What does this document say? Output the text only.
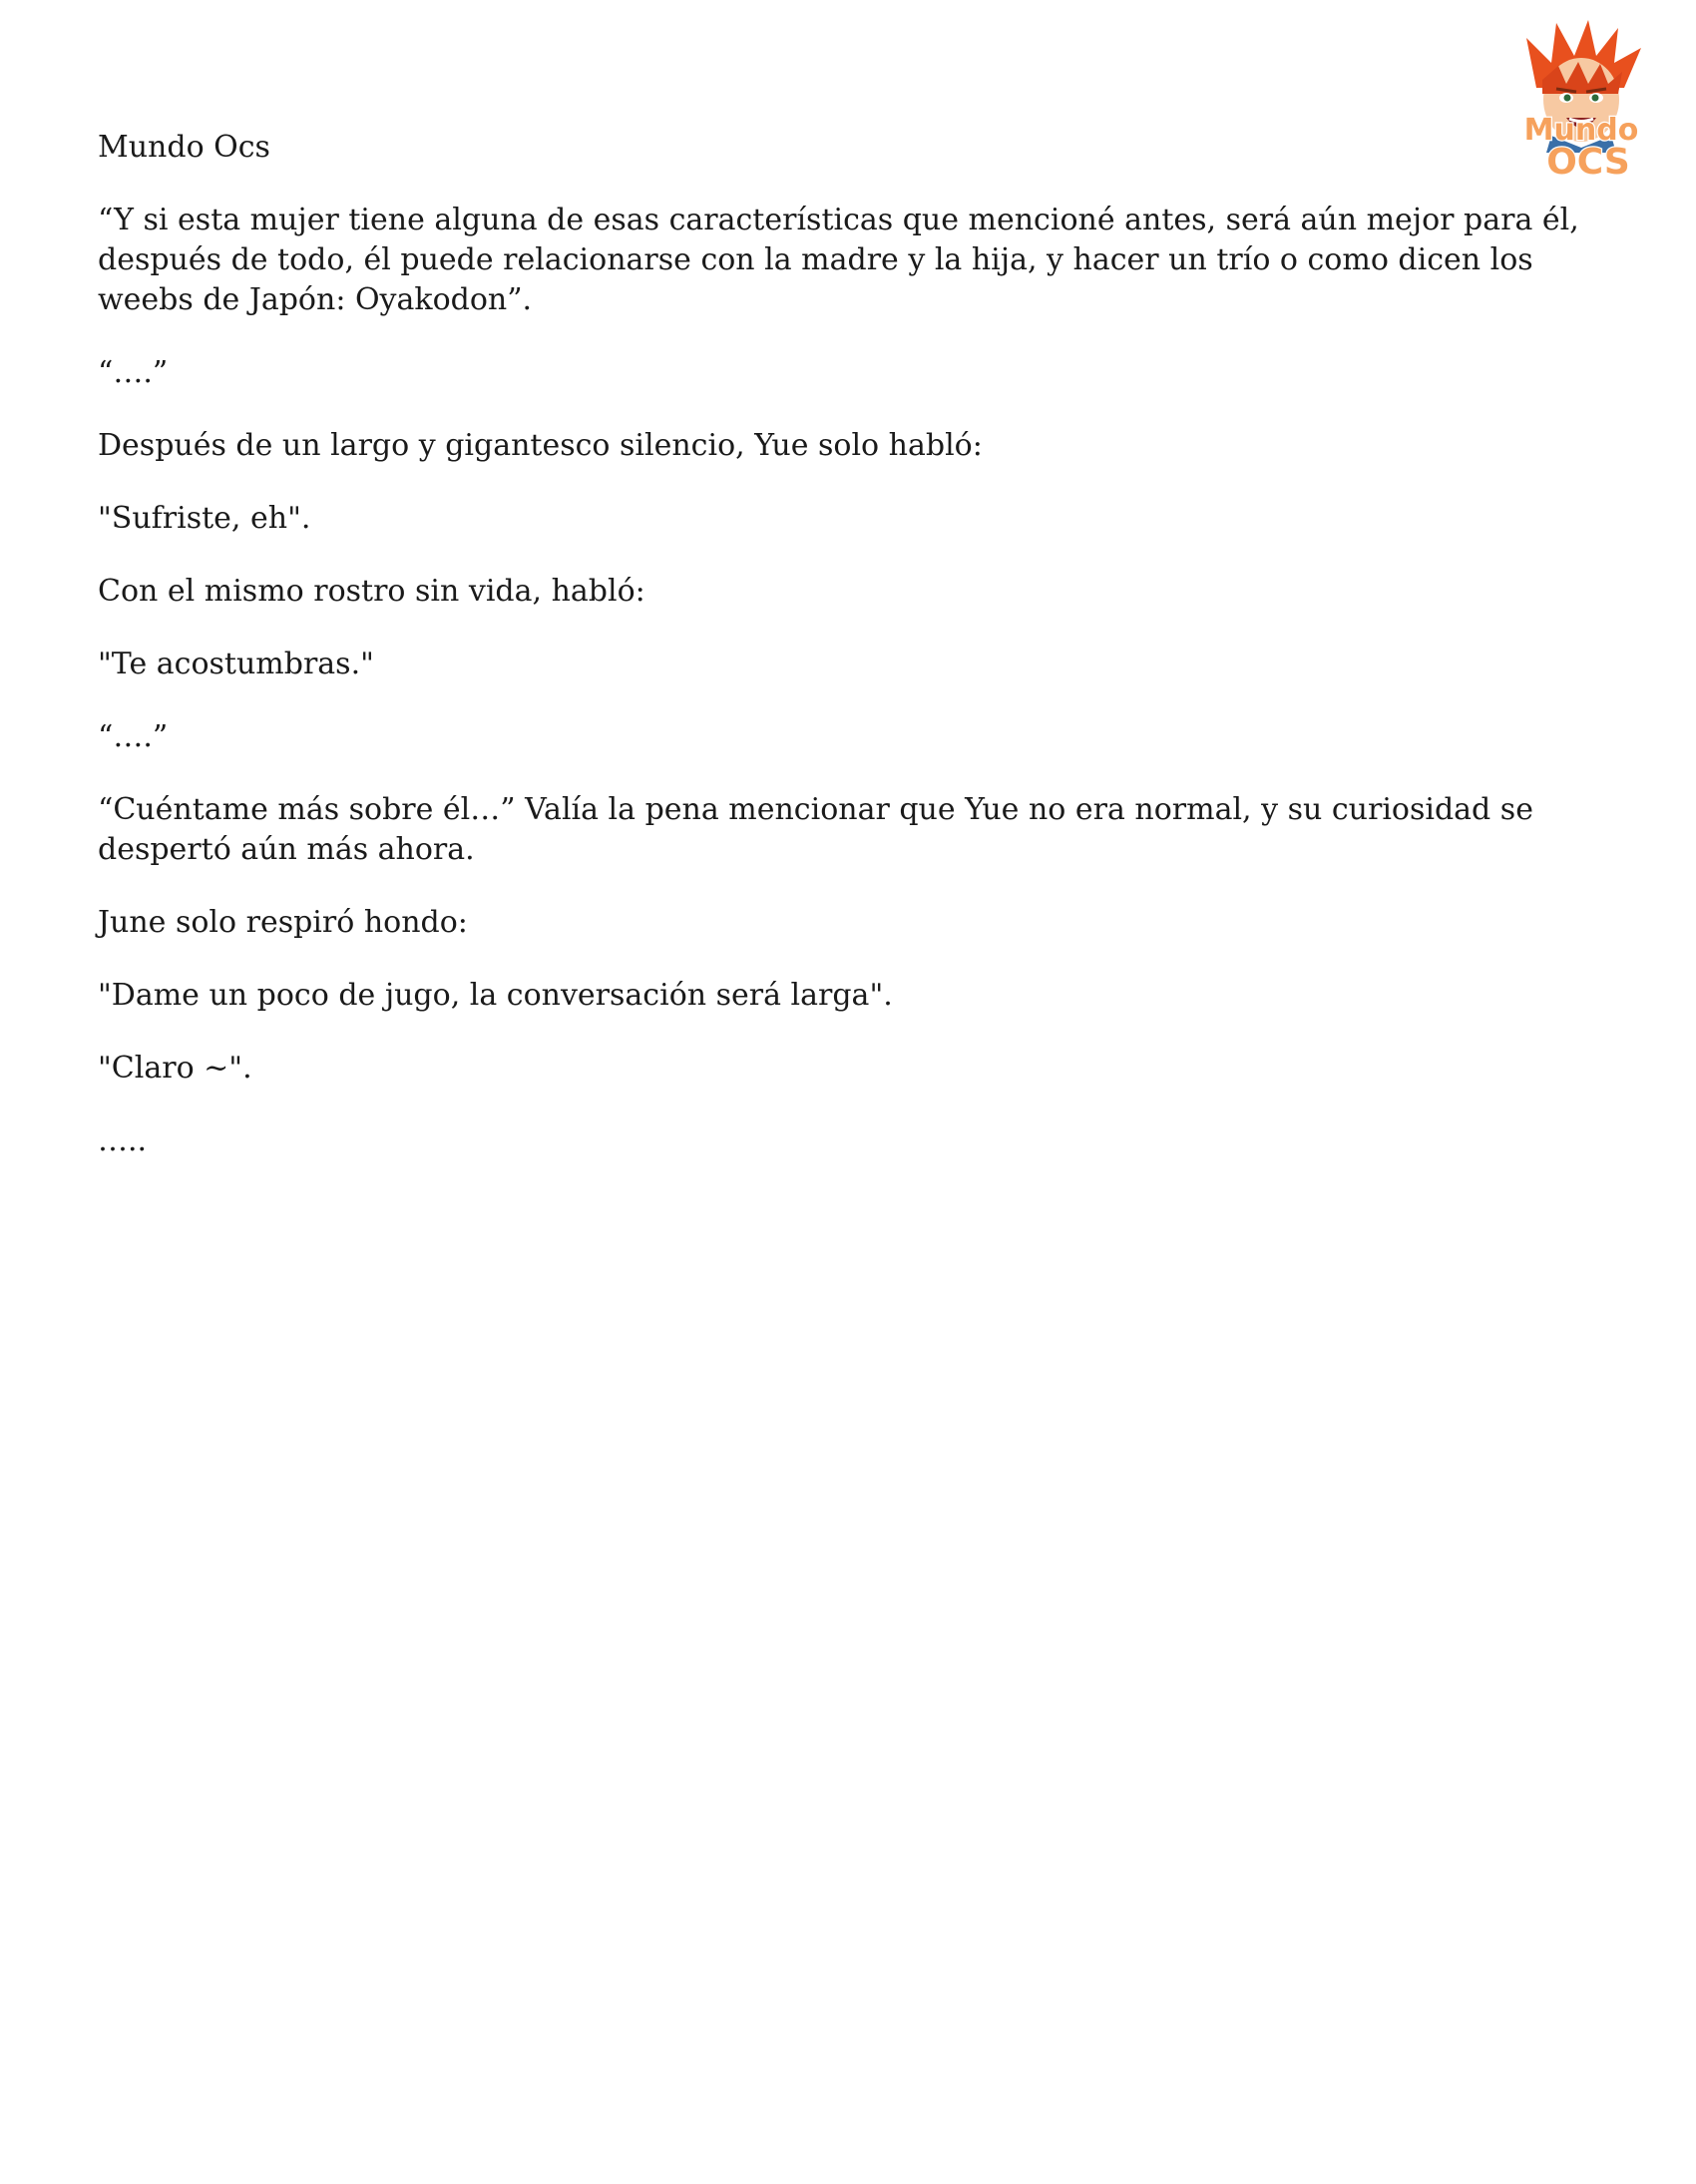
Mundo
OCS

Mundo Ocs

“Y si esta mujer tiene alguna de esas características que mencioné antes, será aún mejor para él, después de todo, él puede relacionarse con la madre y la hija, y hacer un trío o como dicen los weebs de Japón: Oyakodon”.

“….”

Después de un largo y gigantesco silencio, Yue solo habló:

"Sufriste, eh".

Con el mismo rostro sin vida, habló:

"Te acostumbras."

“….”

“Cuéntame más sobre él…” Valía la pena mencionar que Yue no era normal, y su curiosidad se despertó aún más ahora.

June solo respiró hondo:

"Dame un poco de jugo, la conversación será larga".

"Claro ~".

…..
